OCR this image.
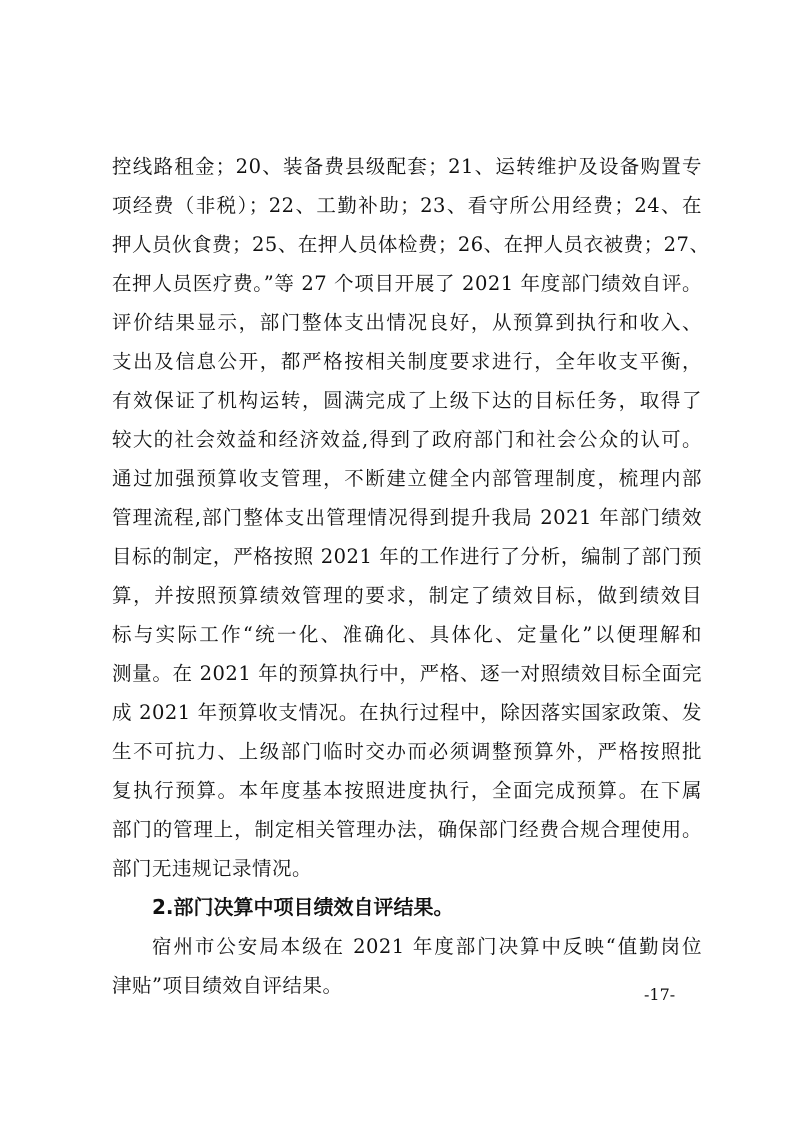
控线路租金；20、装备费县级配套；21、运转维护及设备购置专
项经费（非税）；22、工勤补助；23、看守所公用经费；24、在
押人员伙食费；25、在押人员体检费；26、在押人员衣被费；27、
在押人员医疗费。”等 27 个项目开展了 2021 年度部门绩效自评。
评价结果显示，部门整体支出情况良好，从预算到执行和收入、
支出及信息公开，都严格按相关制度要求进行，全年收支平衡，
有效保证了机构运转，圆满完成了上级下达的目标任务，取得了
较大的社会效益和经济效益,得到了政府部门和社会公众的认可。
通过加强预算收支管理，不断建立健全内部管理制度，梳理内部
管理流程,部门整体支出管理情况得到提升我局 2021 年部门绩效
目标的制定，严格按照 2021 年的工作进行了分析，编制了部门预
算，并按照预算绩效管理的要求，制定了绩效目标，做到绩效目
标与实际工作“统一化、准确化、具体化、定量化”以便理解和
测量。在 2021 年的预算执行中，严格、逐一对照绩效目标全面完
成 2021 年预算收支情况。在执行过程中，除因落实国家政策、发
生不可抗力、上级部门临时交办而必须调整预算外，严格按照批
复执行预算。本年度基本按照进度执行，全面完成预算。在下属
部门的管理上，制定相关管理办法，确保部门经费合规合理使用。
部门无违规记录情况。
2.部门决算中项目绩效自评结果。
宿州市公安局本级在 2021 年度部门决算中反映“值勤岗位
津贴”项目绩效自评结果。	-17-
